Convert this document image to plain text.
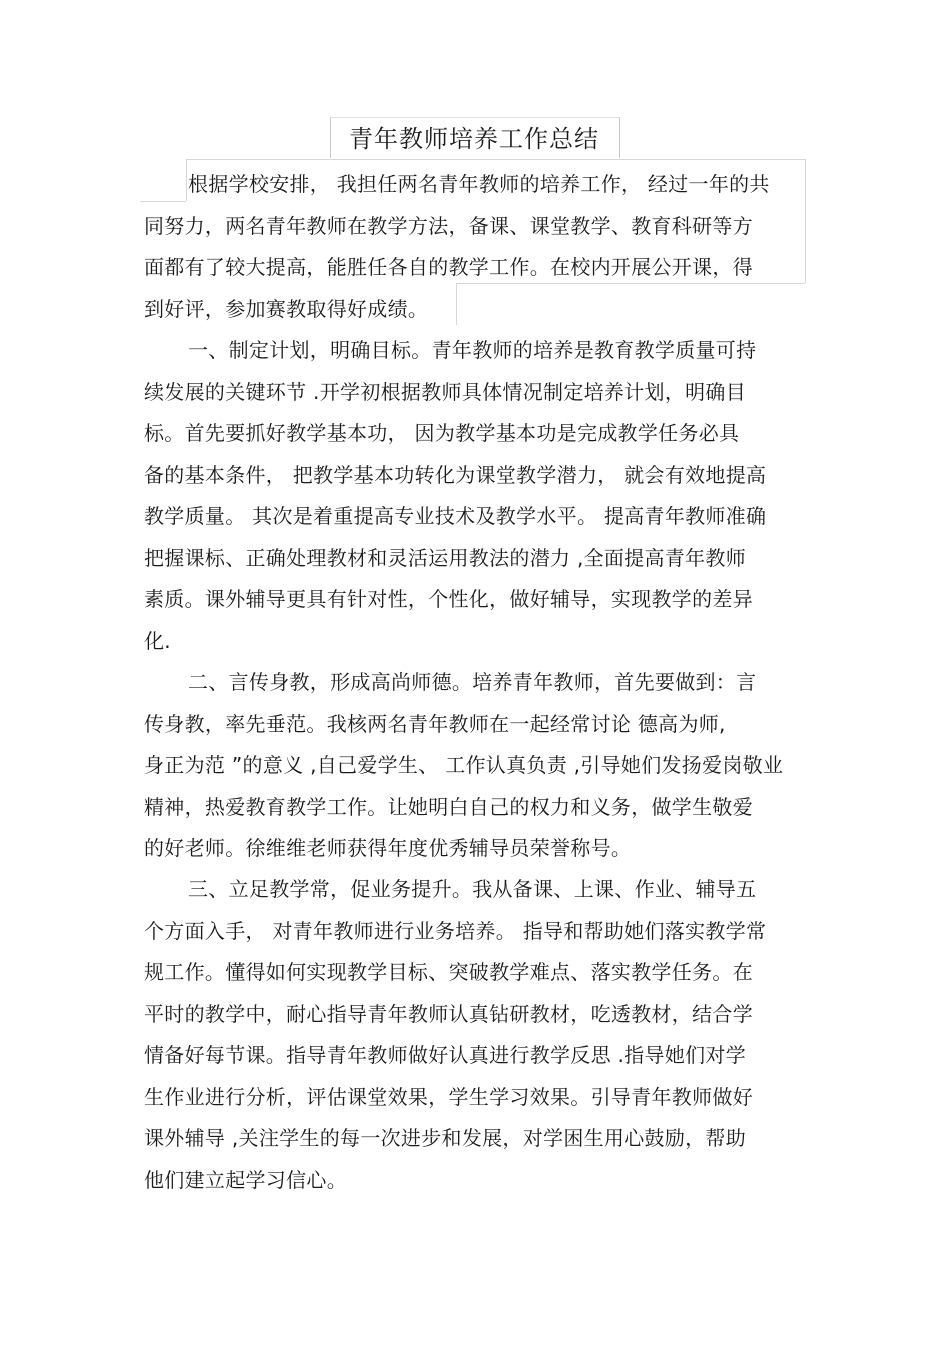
青年教师培养工作总结
根据学校安排， 我担任两名青年教师的培养工作， 经过一年的共
同努力，两名青年教师在教学方法，备课、课堂教学、教育科研等方
面都有了较大提高，能胜任各自的教学工作。在校内开展公开课，得
到好评，参加赛教取得好成绩。
一、制定计划，明确目标。青年教师的培养是教育教学质量可持
续发展的关键环节 .开学初根据教师具体情况制定培养计划，明确目
标。首先要抓好教学基本功， 因为教学基本功是完成教学任务必具
备的基本条件， 把教学基本功转化为课堂教学潜力， 就会有效地提高
教学质量。 其次是着重提高专业技术及教学水平。 提高青年教师准确
把握课标、正确处理教材和灵活运用教法的潜力 ,全面提高青年教师
素质。课外辅导更具有针对性，个性化，做好辅导，实现教学的差异
化.
二、言传身教，形成高尚师德。培养青年教师，首先要做到：言
传身教，率先垂范。我核两名青年教师在一起经常讨论 德高为师,
身正为范 ”的意义 ,自己爱学生、 工作认真负责 ,引导她们发扬爱岗敬业
精神，热爱教育教学工作。让她明白自己的权力和义务，做学生敬爱
的好老师。徐维维老师获得年度优秀辅导员荣誉称号。
三、立足教学常，促业务提升。我从备课、上课、作业、辅导五
个方面入手， 对青年教师进行业务培养。 指导和帮助她们落实教学常
规工作。懂得如何实现教学目标、突破教学难点、落实教学任务。在
平时的教学中，耐心指导青年教师认真钻研教材，吃透教材，结合学
情备好每节课。指导青年教师做好认真进行教学反思 .指导她们对学
生作业进行分析，评估课堂效果，学生学习效果。引导青年教师做好
课外辅导 ,关注学生的每一次进步和发展，对学困生用心鼓励，帮助
他们建立起学习信心。
